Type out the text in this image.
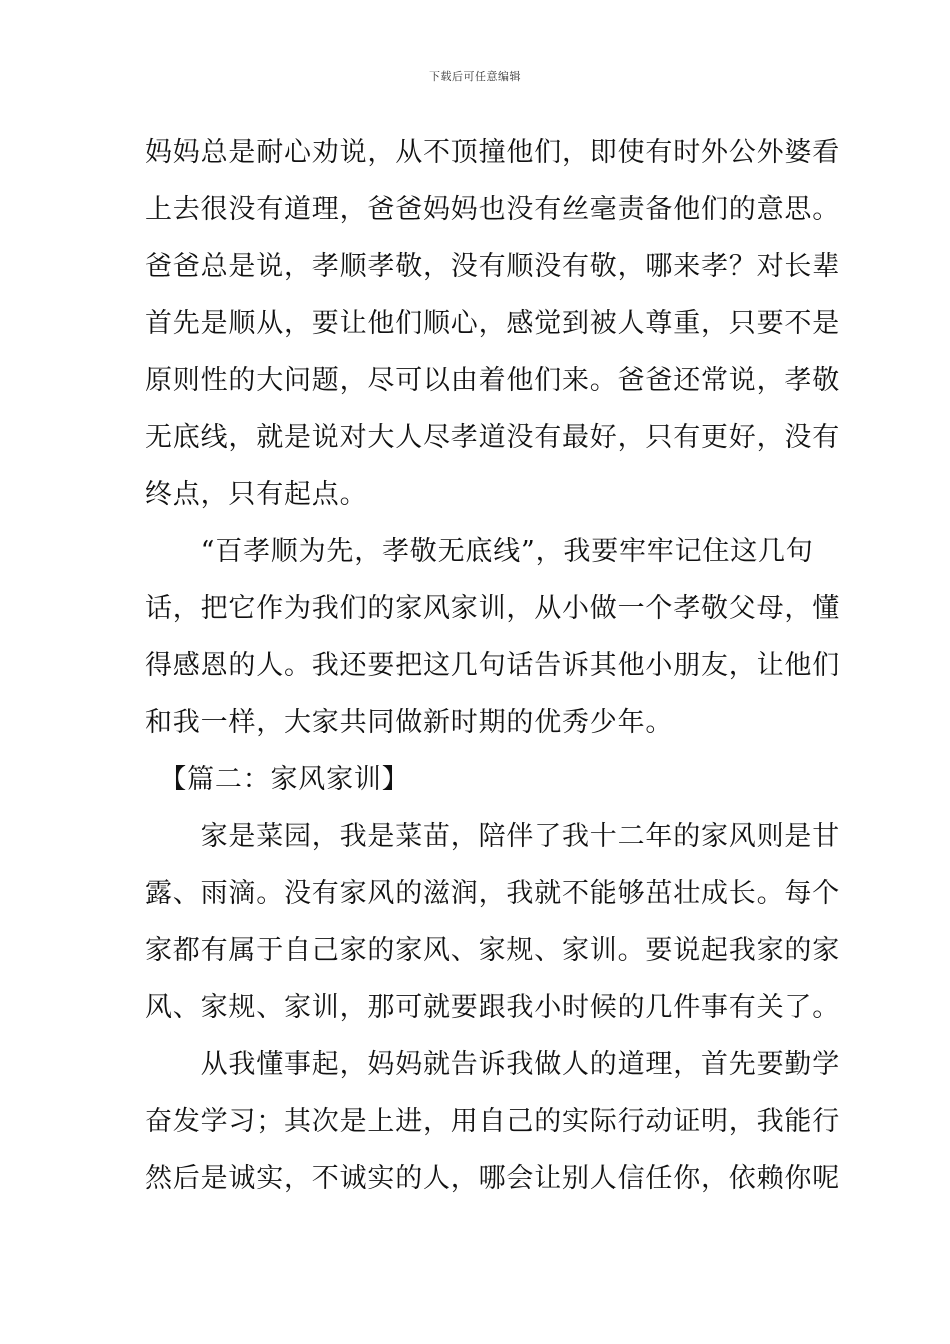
下载后可任意编辑
妈妈总是耐心劝说，从不顶撞他们，即使有时外公外婆看
上去很没有道理，爸爸妈妈也没有丝毫责备他们的意思。
爸爸总是说，孝顺孝敬，没有顺没有敬，哪来孝？对长辈
首先是顺从，要让他们顺心，感觉到被人尊重，只要不是
原则性的大问题，尽可以由着他们来。爸爸还常说，孝敬
无底线，就是说对大人尽孝道没有最好，只有更好，没有
终点，只有起点。
　　“百孝顺为先，孝敬无底线”，我要牢牢记住这几句
话，把它作为我们的家风家训，从小做一个孝敬父母，懂
得感恩的人。我还要把这几句话告诉其他小朋友，让他们
和我一样，大家共同做新时期的优秀少年。
　【篇二：家风家训】
　　家是菜园，我是菜苗，陪伴了我十二年的家风则是甘
露、雨滴。没有家风的滋润，我就不能够茁壮成长。每个
家都有属于自己家的家风、家规、家训。要说起我家的家
风、家规、家训，那可就要跟我小时候的几件事有关了。
　　从我懂事起，妈妈就告诉我做人的道理，首先要勤学
奋发学习；其次是上进，用自己的实际行动证明，我能行
然后是诚实，不诚实的人，哪会让别人信任你，依赖你呢
